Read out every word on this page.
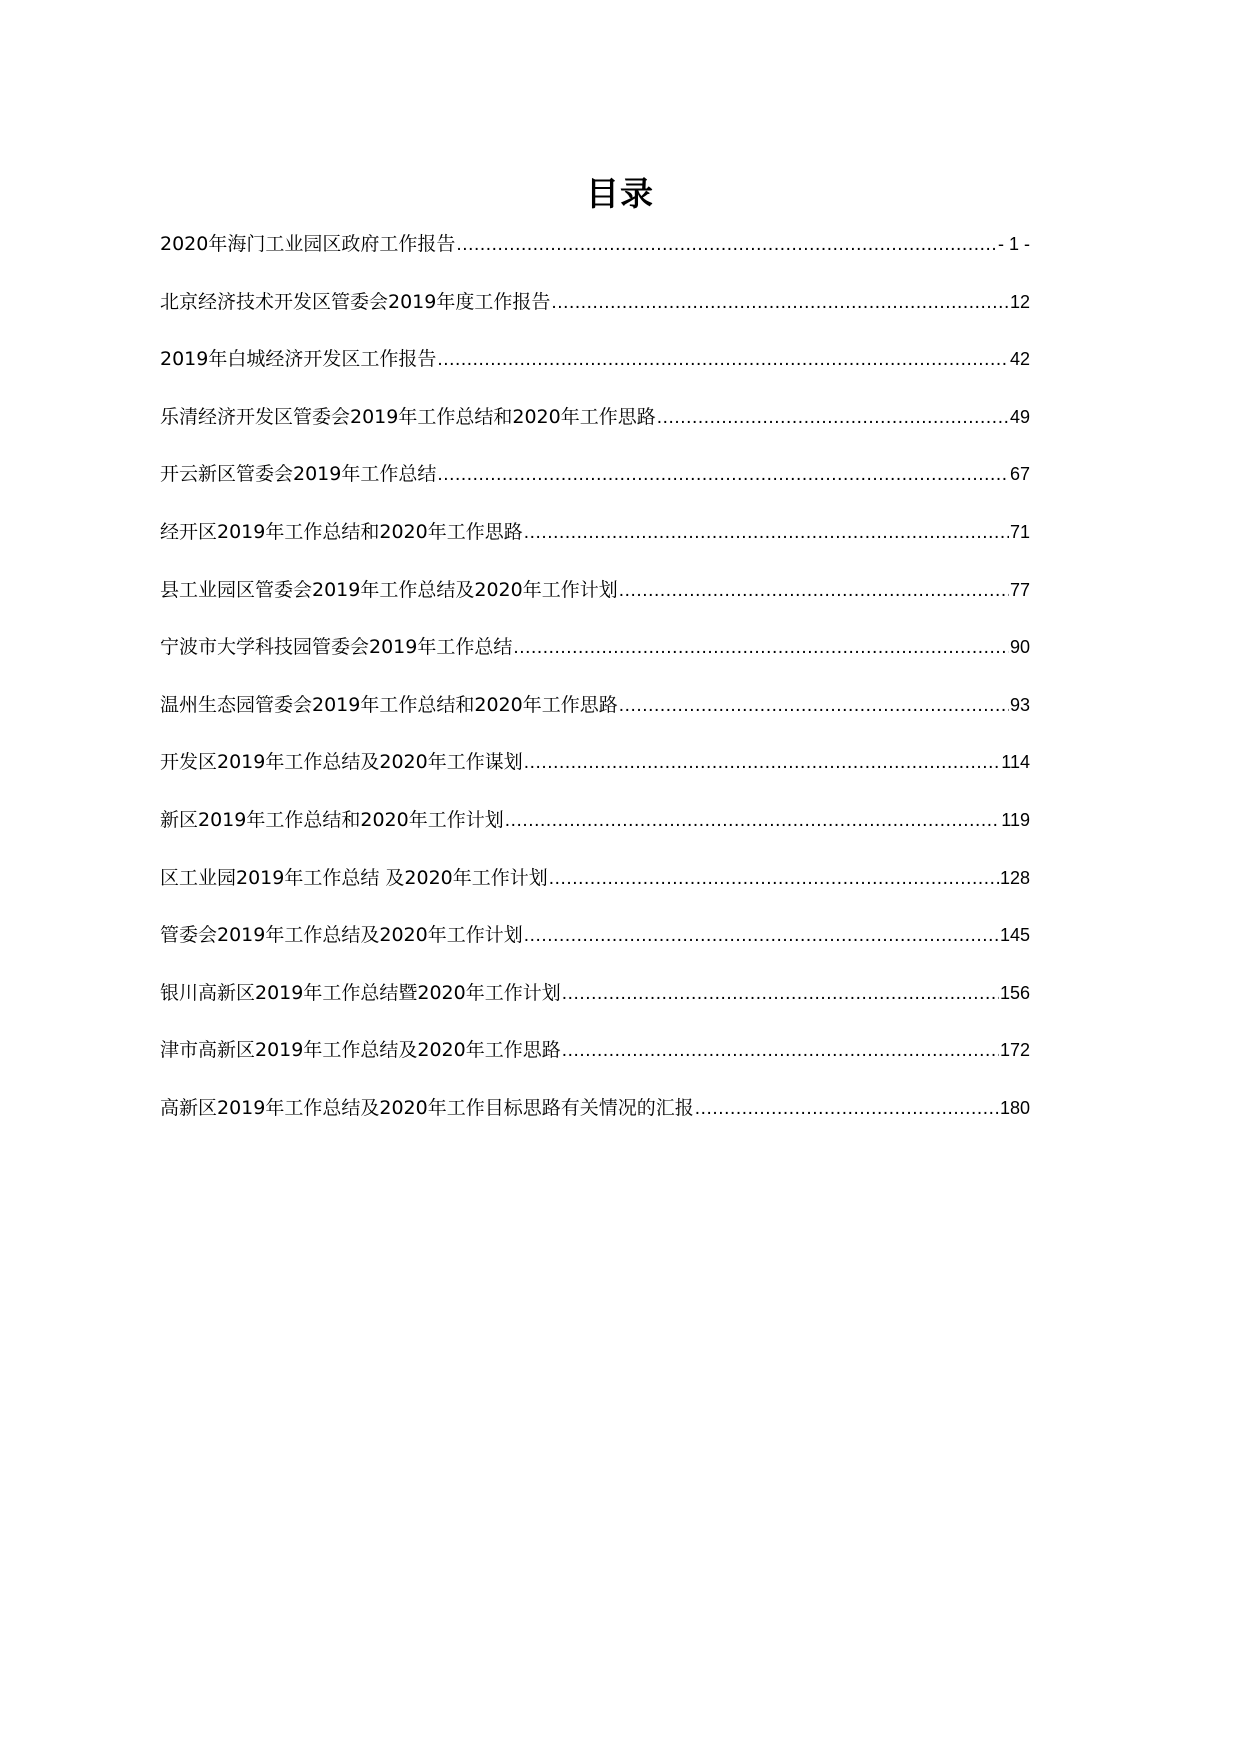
目录
2020年海门工业园区政府工作报告 .....	- 1 -
北京经济技术开发区管委会2019年度工作报告 .....	12
2019年白城经济开发区工作报告 .....	42
乐清经济开发区管委会2019年工作总结和2020年工作思路 .....	49
开云新区管委会2019年工作总结 .....	67
经开区2019年工作总结和2020年工作思路 .....	71
县工业园区管委会2019年工作总结及2020年工作计划 .....	77
宁波市大学科技园管委会2019年工作总结 .....	90
温州生态园管委会2019年工作总结和2020年工作思路 .....	93
开发区2019年工作总结及2020年工作谋划 .....	114
新区2019年工作总结和2020年工作计划 .....	119
区工业园2019年工作总结 及2020年工作计划 .....	128
管委会2019年工作总结及2020年工作计划 .....	145
银川高新区2019年工作总结暨2020年工作计划 .....	156
津市高新区2019年工作总结及2020年工作思路 .....	172
高新区2019年工作总结及2020年工作目标思路有关情况的汇报 .....	180
